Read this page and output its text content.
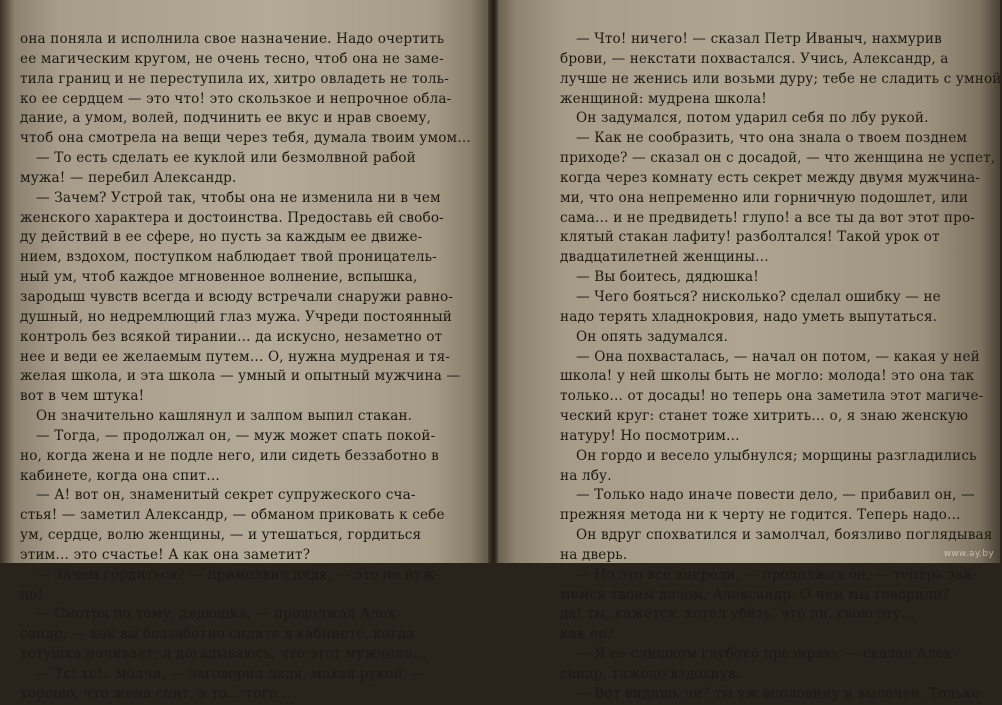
она поняла и исполнила свое назначение. Надо очертить
ее магическим кругом, не очень тесно, чтоб она не заме-
тила границ и не переступила их, хитро овладеть не толь-
ко ее сердцем — это что! это скользкое и непрочное обла-
дание, а умом, волей, подчинить ее вкус и нрав своему,
чтоб она смотрела на вещи через тебя, думала твоим умом…
— То есть сделать ее куклой или безмолвной рабой
мужа! — перебил Александр.
— Зачем? Устрой так, чтобы она не изменила ни в чем
женского характера и достоинства. Предоставь ей свобо-
ду действий в ее сфере, но пусть за каждым ее движе-
нием, вздохом, поступком наблюдает твой проницатель-
ный ум, чтоб каждое мгновенное волнение, вспышка,
зародыш чувств всегда и всюду встречали снаружи равно-
душный, но недремлющий глаз мужа. Учреди постоянный
контроль без всякой тирании… да искусно, незаметно от
нее и веди ее желаемым путем… О, нужна мудреная и тя-
желая школа, и эта школа — умный и опытный мужчина —
вот в чем штука!
Он значительно кашлянул и залпом выпил стакан.
— Тогда, — продолжал он, — муж может спать покой-
но, когда жена и не подле него, или сидеть беззаботно в
кабинете, когда она спит…
— А! вот он, знаменитый секрет супружеского сча-
стья! — заметил Александр, — обманом приковать к себе
ум, сердце, волю женщины, — и утешаться, гордиться
этим… это счастье! А как она заметит?
— Зачем гордиться? — примолвил дядя, — это не нуж-
но!
— Смотря по тому, дядюшка, — продолжал Алек-
сандр, — как вы беззаботно сидите в кабинете, когда
тетушка почивает, я догадываюсь, что этот мужчина…
— Тс! тс!.. молчи, — заговорил дядя, махая рукой, —
хорошо, что жена спит, а то… того…
— Что! ничего! — сказал Петр Иваныч, нахмурив
брови, — некстати похвастался. Учись, Александр, а
лучше не женись или возьми дуру; тебе не сладить с умной
женщиной: мудрена школа!
Он задумался, потом ударил себя по лбу рукой.
— Как не сообразить, что она знала о твоем позднем
приходе? — сказал он с досадой, — что женщина не успет,
когда через комнату есть секрет между двумя мужчина-
ми, что она непременно или горничную подошлет, или
сама… и не предвидеть! глупо! а все ты да вот этот про-
клятый стакан лафиту! разболтался! Такой урок от
двадцатилетней женщины…
— Вы боитесь, дядюшка!
— Чего бояться? нисколько? сделал ошибку — не
надо терять хладнокровия, надо уметь выпутаться.
Он опять задумался.
— Она похвасталась, — начал он потом, — какая у ней
школа! у ней школы быть не могло: молода! это она так
только… от досады! но теперь она заметила этот магиче-
ческий круг: станет тоже хитрить… о, я знаю женскую
натуру! Но посмотрим…
Он гордо и весело улыбнулся; морщины разгладились
на лбу.
— Только надо иначе повести дело, — прибавил он, —
прежняя метода ни к черту не годится. Теперь надо…
Он вдруг спохватился и замолчал, боязливо поглядывая
на дверь.
— Но это все впереди, — продолжал он, — теперь зай-
мемся твоим делом, Александр. О чем мы говорили?
да! ты, кажется, хотел убить, что ли, свою эту…
как ее?
— Я ее слишком глубоко презираю, — сказал Алек-
сандр, тяжело вздохнув.
— Вот видишь ли? ты уж вполовину и вылечен. Только
www.ay.by
